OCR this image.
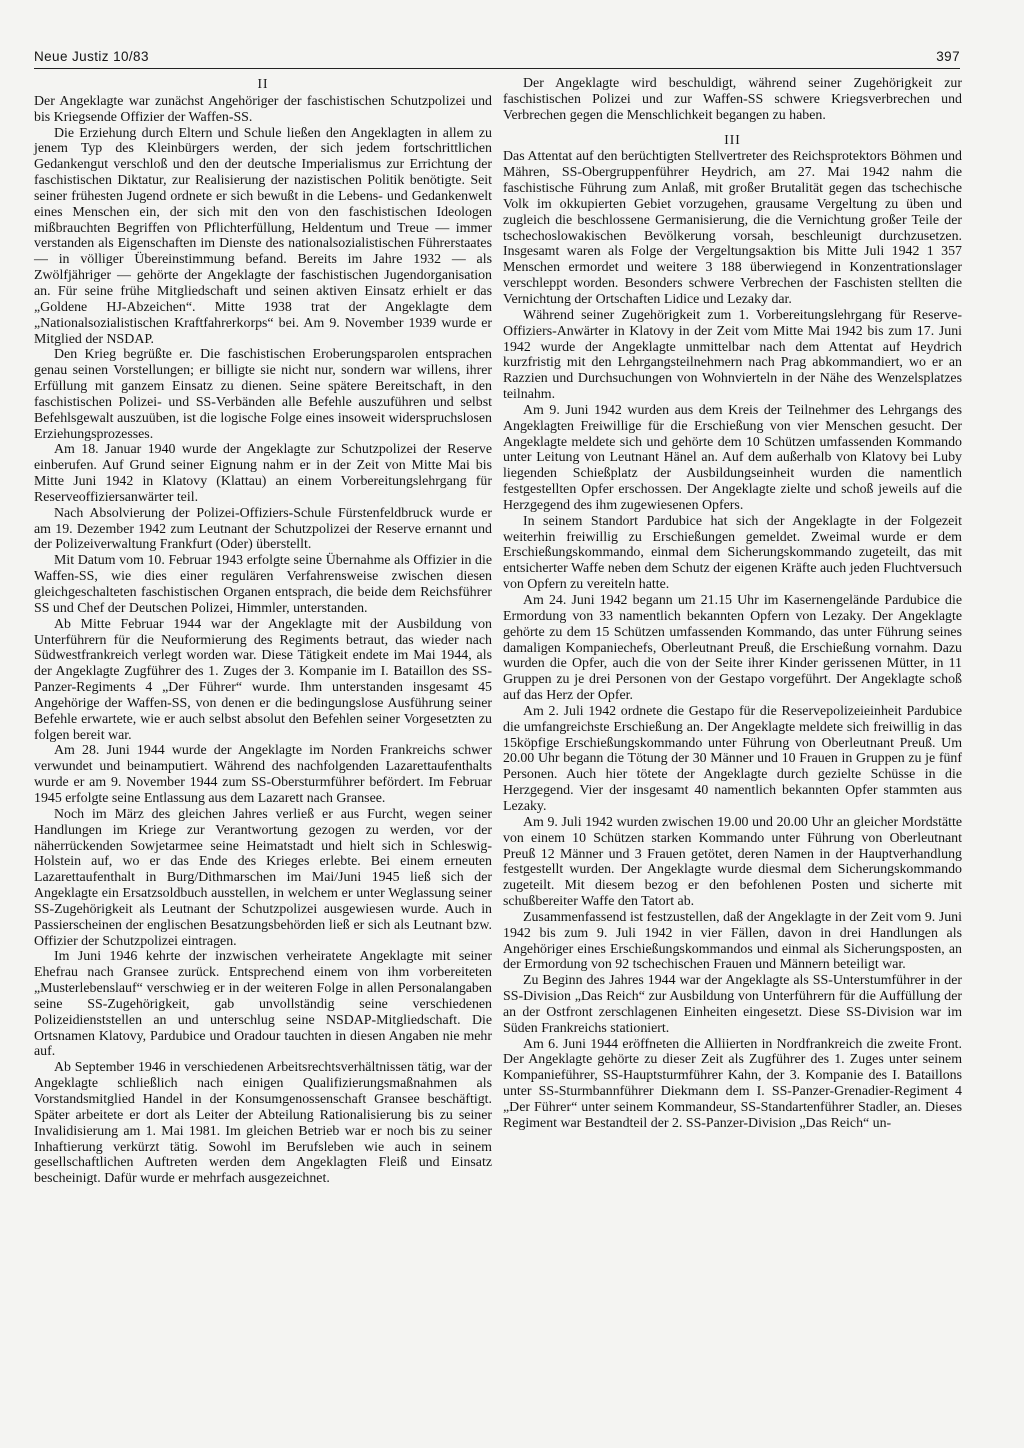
Neue Justiz 10/83	397
II

Der Angeklagte war zunächst Angehöriger der faschistischen Schutzpolizei und bis Kriegsende Offizier der Waffen-SS.

Die Erziehung durch Eltern und Schule ließen den Angeklagten in allem zu jenem Typ des Kleinbürgers werden, der sich jedem fortschrittlichen Gedankengut verschloß und den der deutsche Imperialismus zur Errichtung der faschistischen Diktatur, zur Realisierung der nazistischen Politik benötigte. Seit seiner frühesten Jugend ordnete er sich bewußt in die Lebens- und Gedankenwelt eines Menschen ein, der sich mit den von den faschistischen Ideologen mißbrauchten Begriffen von Pflichterfüllung, Heldentum und Treue — immer verstanden als Eigenschaften im Dienste des nationalsozialistischen Führerstaates — in völliger Übereinstimmung befand. Bereits im Jahre 1932 — als Zwölfjähriger — gehörte der Angeklagte der faschistischen Jugendorganisation an. Für seine frühe Mitgliedschaft und seinen aktiven Einsatz erhielt er das „Goldene HJ-Abzeichen“. Mitte 1938 trat der Angeklagte dem „Nationalsozialistischen Kraftfahrerkorps“ bei. Am 9. November 1939 wurde er Mitglied der NSDAP.

Den Krieg begrüßte er. Die faschistischen Eroberungsparolen entsprachen genau seinen Vorstellungen; er billigte sie nicht nur, sondern war willens, ihrer Erfüllung mit ganzem Einsatz zu dienen. Seine spätere Bereitschaft, in den faschistischen Polizei- und SS-Verbänden alle Befehle auszuführen und selbst Befehlsgewalt auszuüben, ist die logische Folge eines insoweit widerspruchslosen Erziehungsprozesses.

Am 18. Januar 1940 wurde der Angeklagte zur Schutzpolizei der Reserve einberufen. Auf Grund seiner Eignung nahm er in der Zeit von Mitte Mai bis Mitte Juni 1942 in Klatovy (Klattau) an einem Vorbereitungslehrgang für Reserveoffiziersanwärter teil.

Nach Absolvierung der Polizei-Offiziers-Schule Fürstenfeldbruck wurde er am 19. Dezember 1942 zum Leutnant der Schutzpolizei der Reserve ernannt und der Polizeiverwaltung Frankfurt (Oder) überstellt.

Mit Datum vom 10. Februar 1943 erfolgte seine Übernahme als Offizier in die Waffen-SS, wie dies einer regulären Verfahrensweise zwischen diesen gleichgeschalteten faschistischen Organen entsprach, die beide dem Reichsführer SS und Chef der Deutschen Polizei, Himmler, unterstanden.

Ab Mitte Februar 1944 war der Angeklagte mit der Ausbildung von Unterführern für die Neuformierung des Regiments betraut, das wieder nach Südwestfrankreich verlegt worden war. Diese Tätigkeit endete im Mai 1944, als der Angeklagte Zugführer des 1. Zuges der 3. Kompanie im I. Bataillon des SS-Panzer-Regiments 4 „Der Führer“ wurde. Ihm unterstanden insgesamt 45 Angehörige der Waffen-SS, von denen er die bedingungslose Ausführung seiner Befehle erwartete, wie er auch selbst absolut den Befehlen seiner Vorgesetzten zu folgen bereit war.

Am 28. Juni 1944 wurde der Angeklagte im Norden Frankreichs schwer verwundet und beinamputiert. Während des nachfolgenden Lazarettaufenthalts wurde er am 9. November 1944 zum SS-Obersturmführer befördert. Im Februar 1945 erfolgte seine Entlassung aus dem Lazarett nach Gransee.

Noch im März des gleichen Jahres verließ er aus Furcht, wegen seiner Handlungen im Kriege zur Verantwortung gezogen zu werden, vor der näherrückenden Sowjetarmee seine Heimatstadt und hielt sich in Schleswig-Holstein auf, wo er das Ende des Krieges erlebte. Bei einem erneuten Lazarettaufenthalt in Burg/Dithmarschen im Mai/Juni 1945 ließ sich der Angeklagte ein Ersatzsoldbuch ausstellen, in welchem er unter Weglassung seiner SS-Zugehörigkeit als Leutnant der Schutzpolizei ausgewiesen wurde. Auch in Passierscheinen der englischen Besatzungsbehörden ließ er sich als Leutnant bzw. Offizier der Schutzpolizei eintragen.

Im Juni 1946 kehrte der inzwischen verheiratete Angeklagte mit seiner Ehefrau nach Gransee zurück. Entsprechend einem von ihm vorbereiteten „Musterlebenslauf“ verschwieg er in der weiteren Folge in allen Personalangaben seine SS-Zugehörigkeit, gab unvollständig seine verschiedenen Polizeidienststellen an und unterschlug seine NSDAP-Mitgliedschaft. Die Ortsnamen Klatovy, Pardubice und Oradour tauchten in diesen Angaben nie mehr auf.

Ab September 1946 in verschiedenen Arbeitsrechtsverhältnissen tätig, war der Angeklagte schließlich nach einigen Qualifizierungsmaßnahmen als Vorstandsmitglied Handel in der Konsumgenossenschaft Gransee beschäftigt. Später arbeitete er dort als Leiter der Abteilung Rationalisierung bis zu seiner Invalidisierung am 1. Mai 1981. Im gleichen Betrieb war er noch bis zu seiner Inhaftierung verkürzt tätig. Sowohl im Berufsleben wie auch in seinem gesellschaftlichen Auftreten werden dem Angeklagten Fleiß und Einsatz bescheinigt. Dafür wurde er mehrfach ausgezeichnet.

Der Angeklagte wird beschuldigt, während seiner Zugehörigkeit zur faschistischen Polizei und zur Waffen-SS schwere Kriegsverbrechen und Verbrechen gegen die Menschlichkeit begangen zu haben.

III

Das Attentat auf den berüchtigten Stellvertreter des Reichsprotektors Böhmen und Mähren, SS-Obergruppenführer Heydrich, am 27. Mai 1942 nahm die faschistische Führung zum Anlaß, mit großer Brutalität gegen das tschechische Volk im okkupierten Gebiet vorzugehen, grausame Vergeltung zu üben und zugleich die beschlossene Germanisierung, die die Vernichtung großer Teile der tschechoslowakischen Bevölkerung vorsah, beschleunigt durchzusetzen. Insgesamt waren als Folge der Vergeltungsaktion bis Mitte Juli 1942 1 357 Menschen ermordet und weitere 3 188 überwiegend in Konzentrationslager verschleppt worden. Besonders schwere Verbrechen der Faschisten stellten die Vernichtung der Ortschaften Lidice und Lezaky dar.

Während seiner Zugehörigkeit zum 1. Vorbereitungslehrgang für Reserve-Offiziers-Anwärter in Klatovy in der Zeit vom Mitte Mai 1942 bis zum 17. Juni 1942 wurde der Angeklagte unmittelbar nach dem Attentat auf Heydrich kurzfristig mit den Lehrgangsteilnehmern nach Prag abkommandiert, wo er an Razzien und Durchsuchungen von Wohnvierteln in der Nähe des Wenzelsplatzes teilnahm.

Am 9. Juni 1942 wurden aus dem Kreis der Teilnehmer des Lehrgangs des Angeklagten Freiwillige für die Erschießung von vier Menschen gesucht. Der Angeklagte meldete sich und gehörte dem 10 Schützen umfassenden Kommando unter Leitung von Leutnant Hänel an. Auf dem außerhalb von Klatovy bei Luby liegenden Schießplatz der Ausbildungseinheit wurden die namentlich festgestellten Opfer erschossen. Der Angeklagte zielte und schoß jeweils auf die Herzgegend des ihm zugewiesenen Opfers.

In seinem Standort Pardubice hat sich der Angeklagte in der Folgezeit weiterhin freiwillig zu Erschießungen gemeldet. Zweimal wurde er dem Erschießungskommando, einmal dem Sicherungskommando zugeteilt, das mit entsicherter Waffe neben dem Schutz der eigenen Kräfte auch jeden Fluchtversuch von Opfern zu vereiteln hatte.

Am 24. Juni 1942 begann um 21.15 Uhr im Kasernengelände Pardubice die Ermordung von 33 namentlich bekannten Opfern von Lezaky. Der Angeklagte gehörte zu dem 15 Schützen umfassenden Kommando, das unter Führung seines damaligen Kompaniechefs, Oberleutnant Preuß, die Erschießung vornahm. Dazu wurden die Opfer, auch die von der Seite ihrer Kinder gerissenen Mütter, in 11 Gruppen zu je drei Personen von der Gestapo vorgeführt. Der Angeklagte schoß auf das Herz der Opfer.

Am 2. Juli 1942 ordnete die Gestapo für die Reservepolizeieinheit Pardubice die umfangreichste Erschießung an. Der Angeklagte meldete sich freiwillig in das 15köpfige Erschießungskommando unter Führung von Oberleutnant Preuß. Um 20.00 Uhr begann die Tötung der 30 Männer und 10 Frauen in Gruppen zu je fünf Personen. Auch hier tötete der Angeklagte durch gezielte Schüsse in die Herzgegend. Vier der insgesamt 40 namentlich bekannten Opfer stammten aus Lezaky.

Am 9. Juli 1942 wurden zwischen 19.00 und 20.00 Uhr an gleicher Mordstätte von einem 10 Schützen starken Kommando unter Führung von Oberleutnant Preuß 12 Männer und 3 Frauen getötet, deren Namen in der Hauptverhandlung festgestellt wurden. Der Angeklagte wurde diesmal dem Sicherungskommando zugeteilt. Mit diesem bezog er den befohlenen Posten und sicherte mit schußbereiter Waffe den Tatort ab.

Zusammenfassend ist festzustellen, daß der Angeklagte in der Zeit vom 9. Juni 1942 bis zum 9. Juli 1942 in vier Fällen, davon in drei Handlungen als Angehöriger eines Erschießungskommandos und einmal als Sicherungsposten, an der Ermordung von 92 tschechischen Frauen und Männern beteiligt war.

Zu Beginn des Jahres 1944 war der Angeklagte als SS-Unterstumführer in der SS-Division „Das Reich“ zur Ausbildung von Unterführern für die Auffüllung der an der Ostfront zerschlagenen Einheiten eingesetzt. Diese SS-Division war im Süden Frankreichs stationiert.

Am 6. Juni 1944 eröffneten die Alliierten in Nordfrankreich die zweite Front. Der Angeklagte gehörte zu dieser Zeit als Zugführer des 1. Zuges unter seinem Kompanieführer, SS-Hauptsturmführer Kahn, der 3. Kompanie des I. Bataillons unter SS-Sturmbannführer Diekmann dem I. SS-Panzer-Grenadier-Regiment 4 „Der Führer“ unter seinem Kommandeur, SS-Standartenführer Stadler, an. Dieses Regiment war Bestandteil der 2. SS-Panzer-Division „Das Reich“ un-
